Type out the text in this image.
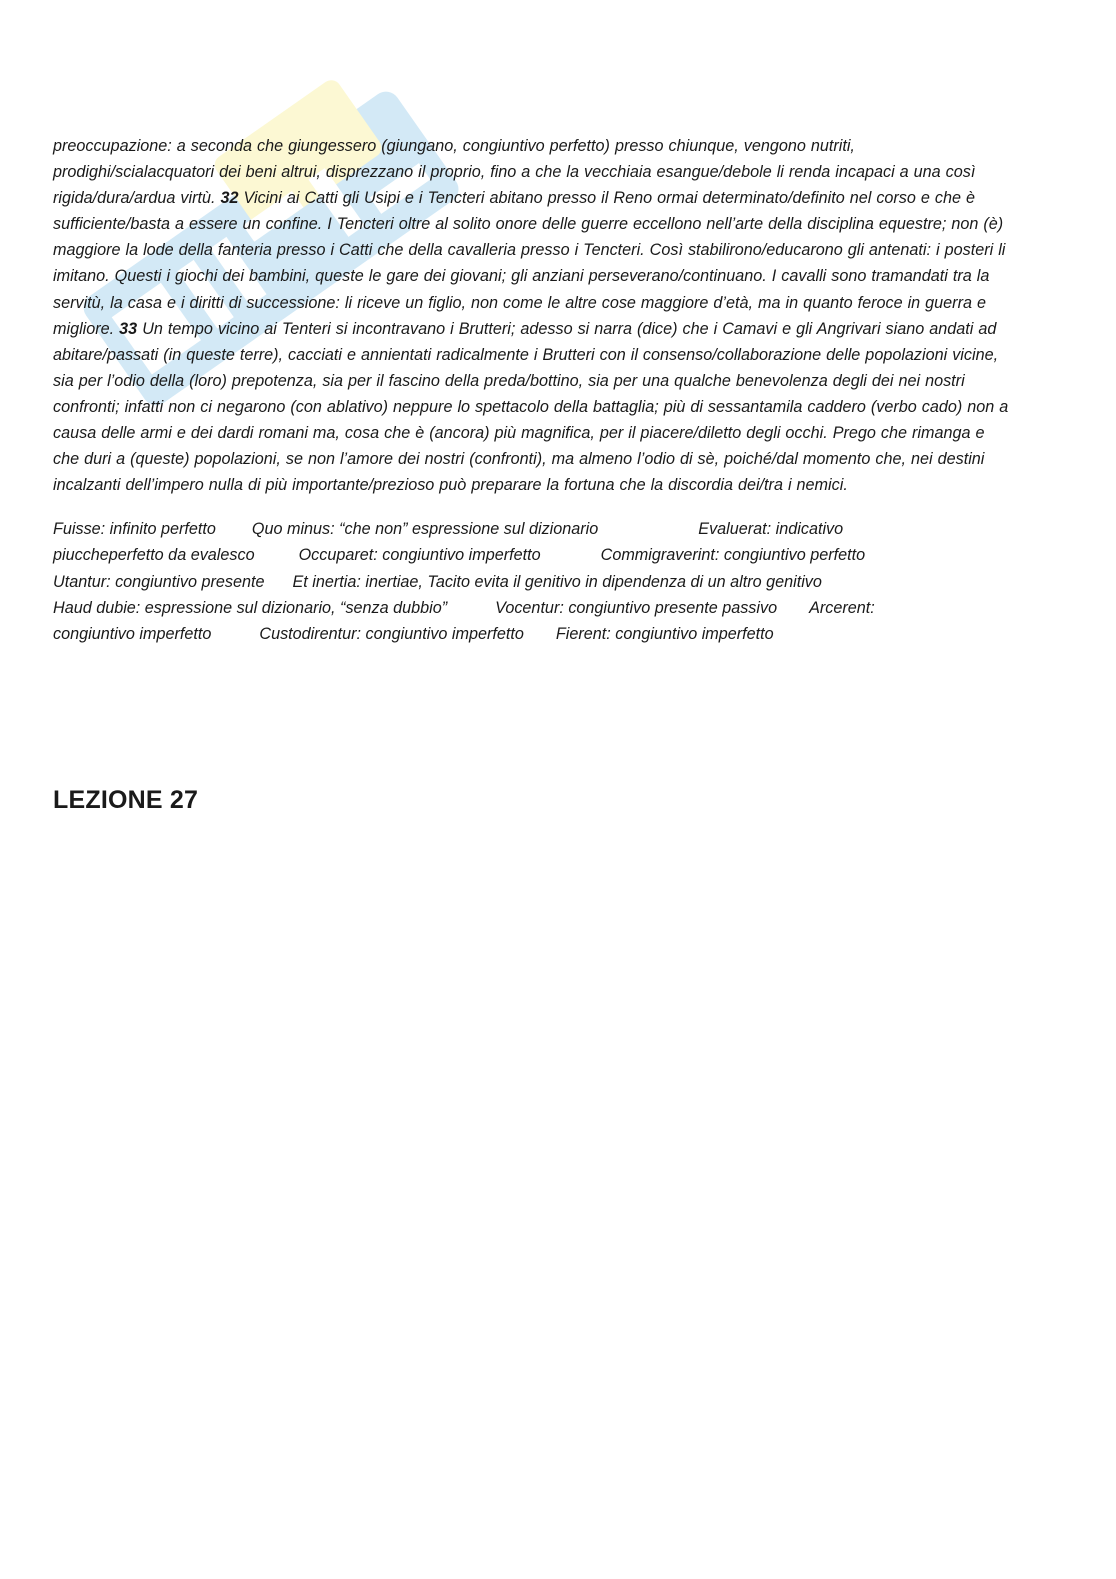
preoccupazione: a seconda che giungessero (giungano, congiuntivo perfetto) presso chiunque, vengono nutriti, prodighi/scialacquatori dei beni altrui, disprezzano il proprio, fino a che la vecchiaia esangue/debole li renda incapaci a una così rigida/dura/ardua virtù. 32 Vicini ai Catti gli Usipi e i Tencteri abitano presso il Reno ormai determinato/definito nel corso e che è sufficiente/basta a essere un confine. I Tencteri oltre al solito onore delle guerre eccellono nell’arte della disciplina equestre; non (è) maggiore la lode della fanteria presso i Catti che della cavalleria presso i Tencteri. Così stabilirono/educarono gli antenati: i posteri li imitano. Questi i giochi dei bambini, queste le gare dei giovani; gli anziani perseverano/continuano. I cavalli sono tramandati tra la servitù, la casa e i diritti di successione: li riceve un figlio, non come le altre cose maggiore d’età, ma in quanto feroce in guerra e migliore. 33 Un tempo vicino ai Tenteri si incontravano i Brutteri; adesso si narra (dice) che i Camavi e gli Angrivari siano andati ad abitare/passati (in queste terre), cacciati e annientati radicalmente i Brutteri con il consenso/collaborazione delle popolazioni vicine, sia per l’odio della (loro) prepotenza, sia per il fascino della preda/bottino, sia per una qualche benevolenza degli dei nei nostri confronti; infatti non ci negarono (con ablativo) neppure lo spettacolo della battaglia; più di sessantamila caddero (verbo cado) non a causa delle armi e dei dardi romani ma, cosa che è (ancora) più magnifica, per il piacere/diletto degli occhi. Prego che rimanga e che duri a (queste) popolazioni, se non l’amore dei nostri (confronti), ma almeno l’odio di sè, poiché/dal momento che, nei destini incalzanti dell’impero nulla di più importante/prezioso può preparare la fortuna che la discordia dei/tra i nemici.

Fuisse: infinito perfetto Quo minus: “che non” espressione sul dizionario	Evaluerat: indicativo
piuccheperfetto da evalesco	Occuparet: congiuntivo imperfetto	Commigraverint: congiuntivo perfetto
Utantur: congiuntivo presente Et inertia: inertiae, Tacito evita il genitivo in dipendenza di un altro genitivo
Haud dubie: espressione sul dizionario, “senza dubbio”	Vocentur: congiuntivo presente passivo Arcerent:
congiuntivo imperfetto	Custodirentur: congiuntivo imperfetto Fierent: congiuntivo imperfetto
LEZIONE 27
